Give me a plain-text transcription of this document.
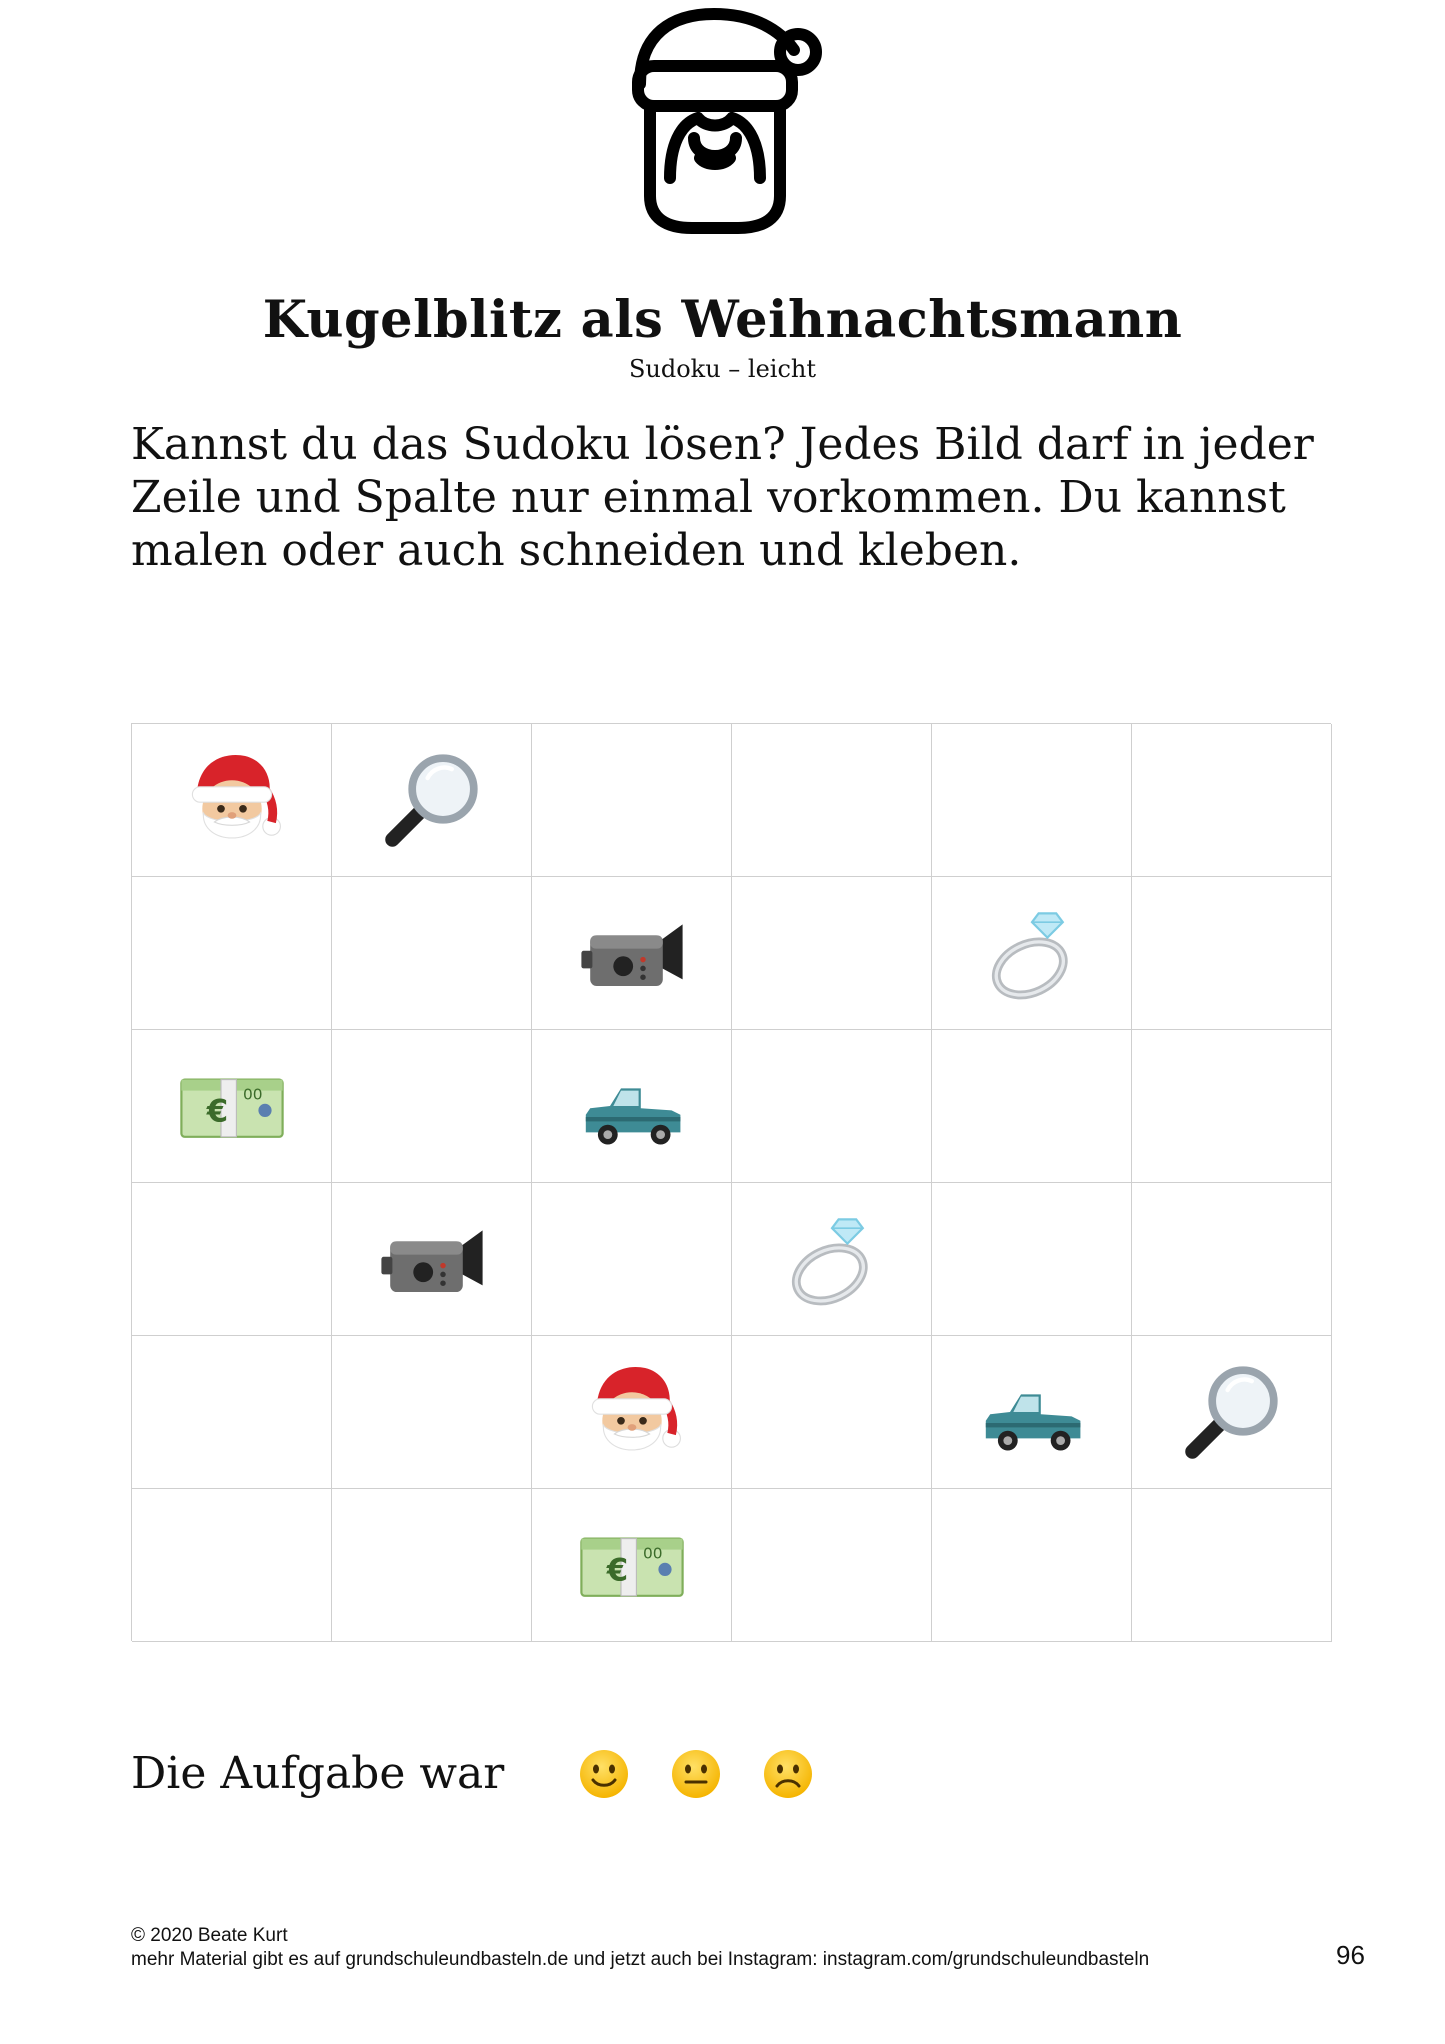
Kugelblitz als Weihnachtsmann
Sudoku – leicht
Kannst du das Sudoku lösen? Jedes Bild darf in jeder
Zeile und Spalte nur einmal vorkommen. Du kannst
malen oder auch schneiden und kleben.
€ 00
€ 00
Die Aufgabe war
© 2020 Beate Kurt
mehr Material gibt es auf grundschuleundbasteln.de und jetzt auch bei Instagram: instagram.com/grundschuleundbasteln	96
